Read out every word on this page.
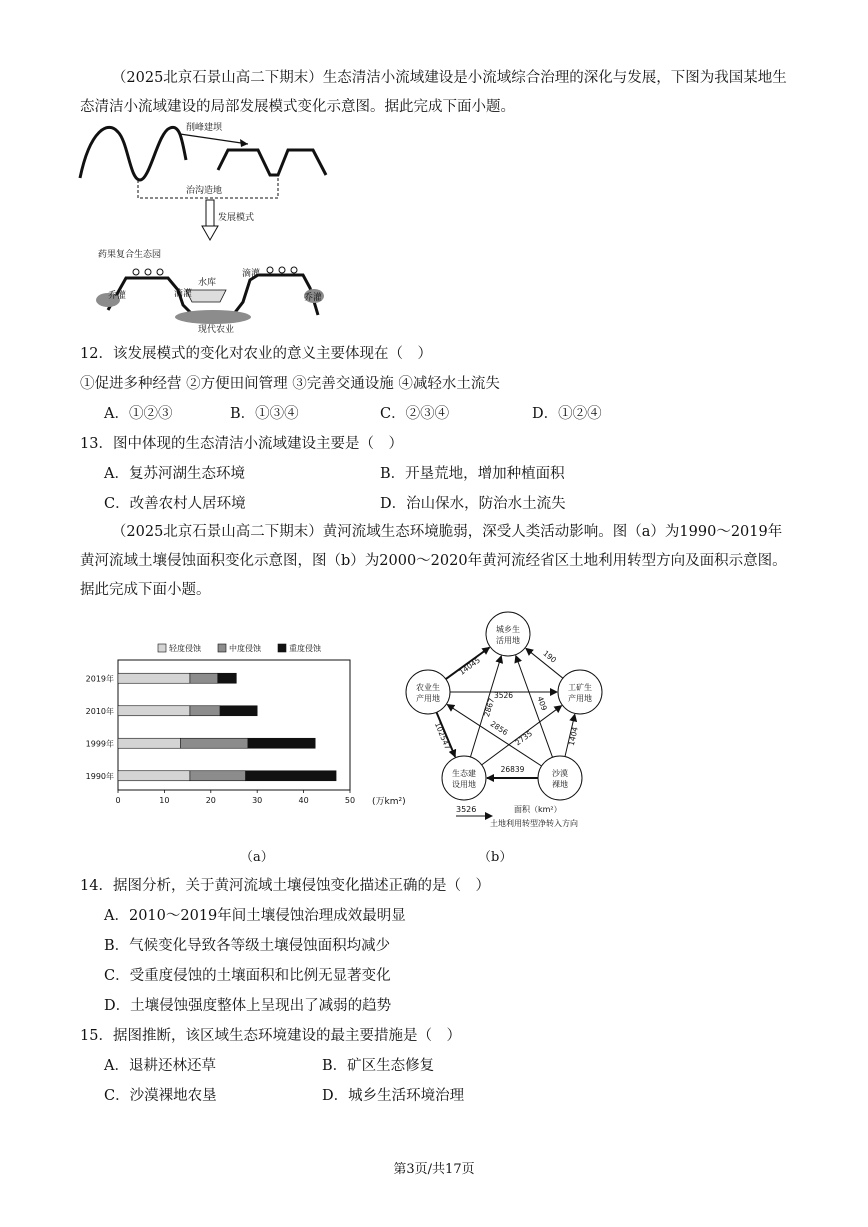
（2025北京石景山高二下期末）生态清洁小流域建设是小流域综合治理的深化与发展，下图为我国某地生态清洁小流域建设的局部发展模式变化示意图。据此完成下面小题。
削峰建坝
治沟造地
发展模式
药果复合生态园
水库
现代农业
乔灌	滴灌
滴灌
乔灌
12．该发展模式的变化对农业的意义主要体现在（　）
①促进多种经营 ②方便田间管理 ③完善交通设施 ④减轻水土流失
A．①②③	B．①③④	C．②③④	D．①②④
13．图中体现的生态清洁小流域建设主要是（　）
A．复苏河湖生态环境	B．开垦荒地，增加种植面积
C．改善农村人居环境	D．治山保水，防治水土流失
（2025北京石景山高二下期末）黄河流域生态环境脆弱，深受人类活动影响。图（a）为1990～2019年黄河流域土壤侵蚀面积变化示意图，图（b）为2000～2020年黄河流经省区土地利用转型方向及面积示意图。据此完成下面小题。
轻度侵蚀	中度侵蚀	重度侵蚀
2019年
2010年
1999年
1990年
0	10	20	30	40	50 (万km²)
（a）
14045	190
3526
2867	409
102547	2856
2735	1404
26839
城乡生
活用地
农业生
产用地
工矿生
产用地
生态建
设用地
沙漠
裸地
3526	面积（km²）
土地利用转型净转入方向
（b）
14．据图分析，关于黄河流域土壤侵蚀变化描述正确的是（　）
A．2010～2019年间土壤侵蚀治理成效最明显
B．气候变化导致各等级土壤侵蚀面积均减少
C．受重度侵蚀的土壤面积和比例无显著变化
D．土壤侵蚀强度整体上呈现出了减弱的趋势
15．据图推断，该区域生态环境建设的最主要措施是（　）
A．退耕还林还草	B．矿区生态修复
C．沙漠裸地农垦	D．城乡生活环境治理
第3页/共17页
